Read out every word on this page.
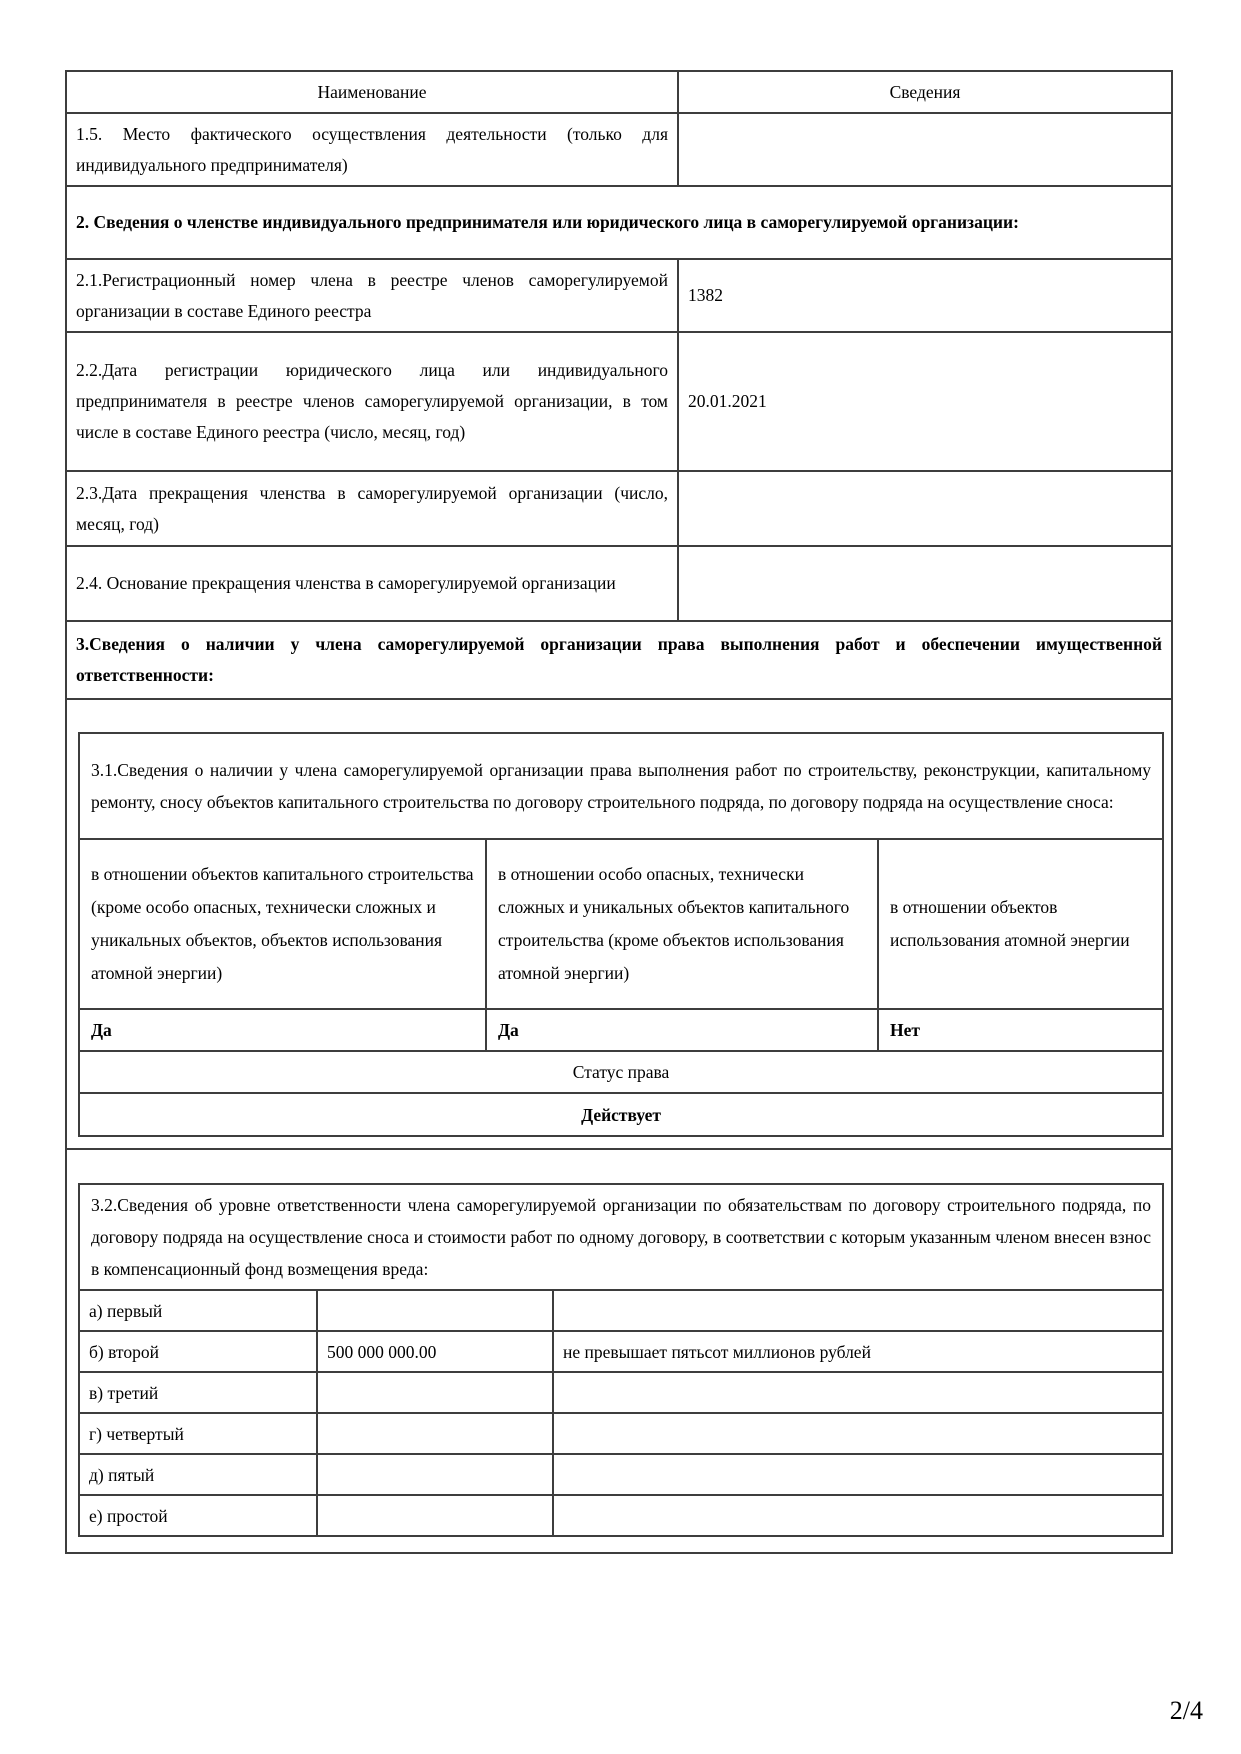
Наименование	Сведения
1.5. Место фактического осуществления деятельности (только для индивидуального предпринимателя)	
2. Сведения о членстве индивидуального предпринимателя или юридического лица в саморегулируемой организации:
2.1.Регистрационный номер члена в реестре членов саморегулируемой организации в составе Единого реестра	1382
2.2.Дата регистрации юридического лица или индивидуального предпринимателя в реестре членов саморегулируемой организации, в том числе в составе Единого реестра (число, месяц, год)	20.01.2021
2.3.Дата прекращения членства в саморегулируемой организации (число, месяц, год)	
2.4. Основание прекращения членства в саморегулируемой организации	
3.Сведения о наличии у члена саморегулируемой организации права выполнения работ и обеспечении имущественной ответственности:

3.1.Сведения о наличии у члена саморегулируемой организации права выполнения работ по строительству, реконструкции, капитальному ремонту, сносу объектов капитального строительства по договору строительного подряда, по договору подряда на осуществление сноса:
в отношении объектов капитального строительства (кроме особо опасных, технически сложных и уникальных объектов, объектов использования атомной энергии)	в отношении особо опасных, технически сложных и уникальных объектов капитального строительства (кроме объектов использования атомной энергии)	в отношении объектов использования атомной энергии
Да	Да	Нет
Статус права
Действует

3.2.Сведения об уровне ответственности члена саморегулируемой организации по обязательствам по договору строительного подряда, по договору подряда на осуществление сноса и стоимости работ по одному договору, в соответствии с которым указанным членом внесен взнос в компенсационный фонд возмещения вреда:
а) первый		
б) второй	500 000 000.00	не превышает пятьсот миллионов рублей
в) третий		
г) четвертый		
д) пятый		
е) простой		
2/4
